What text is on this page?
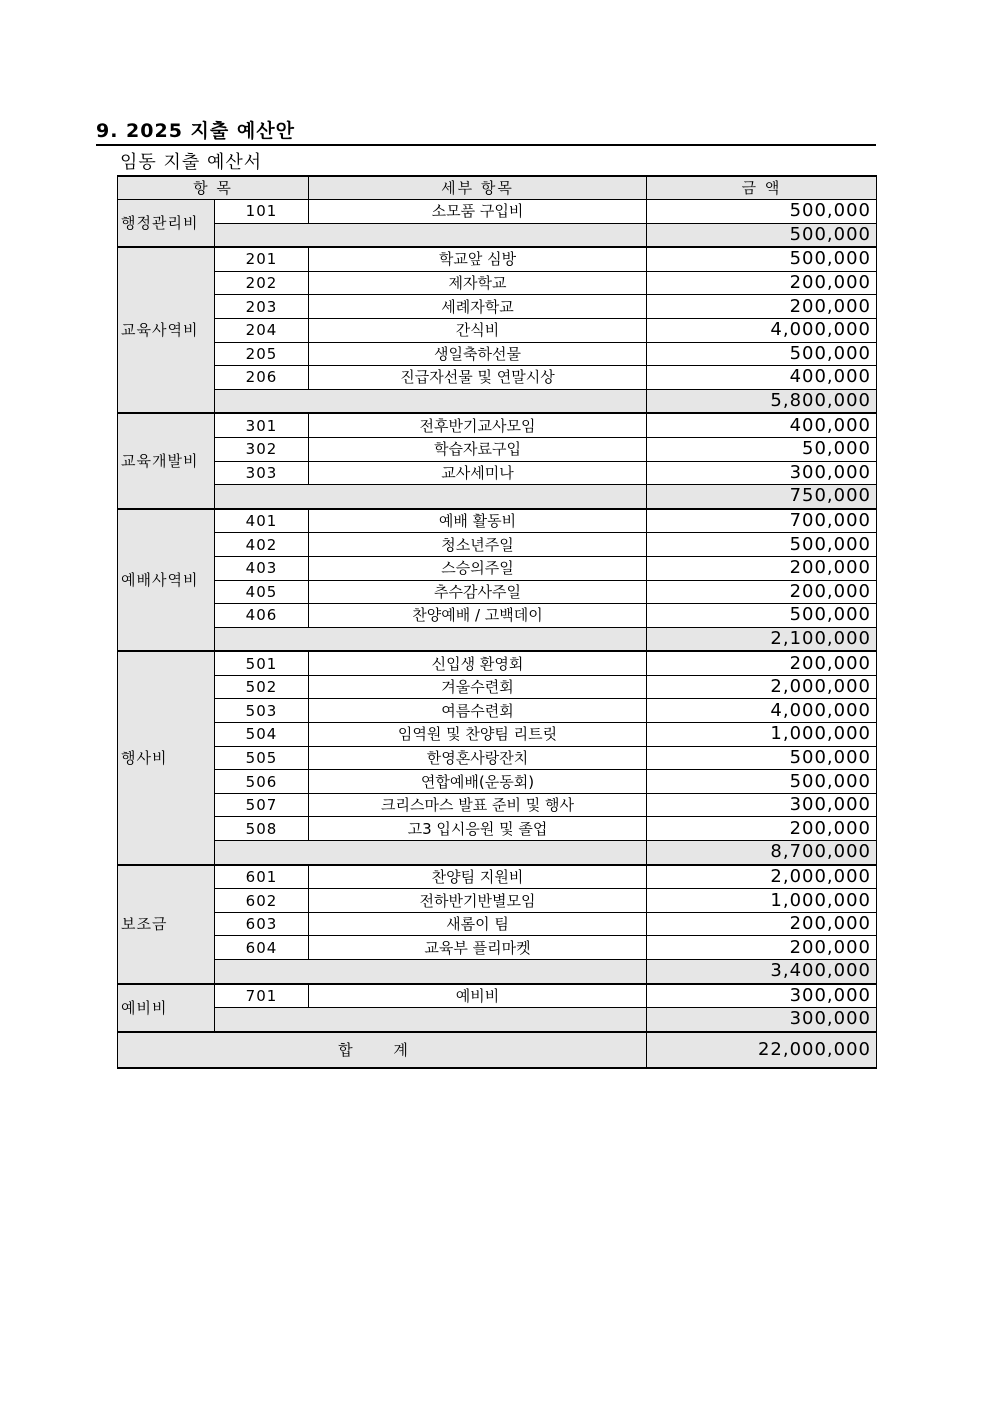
9. 2025 지출 예산안
임동 지출 예산서
항 목		세부 항목	금 액
행정관리비	101	소모품 구입비	500,000
			500,000
교육사역비	201	학교앞 심방	500,000
	202	제자학교	200,000
	203	세례자학교	200,000
	204	간식비	4,000,000
	205	생일축하선물	500,000
	206	진급자선물 및 연말시상	400,000
			5,800,000
교육개발비	301	전후반기교사모임	400,000
	302	학습자료구입	50,000
	303	교사세미나	300,000
			750,000
예배사역비	401	예배 활동비	700,000
	402	청소년주일	500,000
	403	스승의주일	200,000
	405	추수감사주일	200,000
	406	찬양예배 / 고백데이	500,000
			2,100,000
행사비	501	신입생 환영회	200,000
	502	겨울수련회	2,000,000
	503	여름수련회	4,000,000
	504	임역원 및 찬양팀 리트릿	1,000,000
	505	한영혼사랑잔치	500,000
	506	연합예배(운동회)	500,000
	507	크리스마스 발표 준비 및 행사	300,000
	508	고3 입시응원 및 졸업	200,000
			8,700,000
보조금	601	찬양팀 지원비	2,000,000
	602	전하반기반별모임	1,000,000
	603	새롬이 팀	200,000
	604	교육부 플리마켓	200,000
			3,400,000
예비비	701	예비비	300,000
			300,000
합 계			22,000,000
